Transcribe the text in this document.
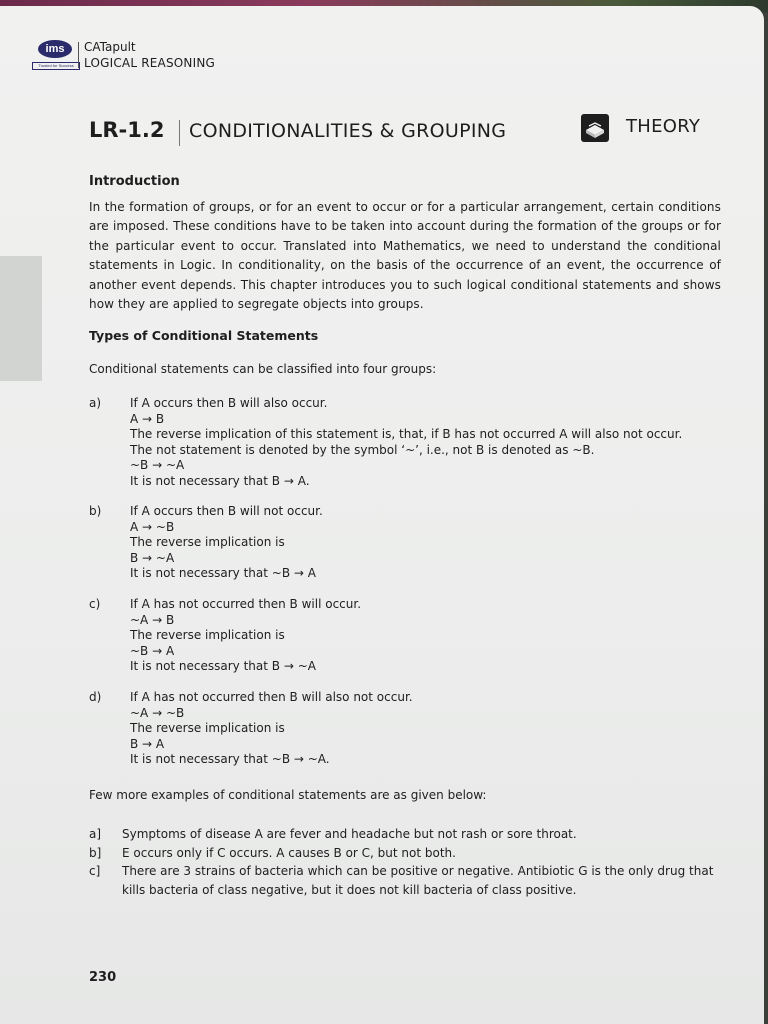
ims
Trusted for Success
CATapult
LOGICAL REASONING
LR-1.2 CONDITIONALITIES & GROUPING	THEORY
Introduction
In the formation of groups, or for an event to occur or for a particular arrangement, certain conditions are imposed. These conditions have to be taken into account during the formation of the groups or for the particular event to occur. Translated into Mathematics, we need to understand the conditional statements in Logic. In conditionality, on the basis of the occurrence of an event, the occurrence of another event depends. This chapter introduces you to such logical conditional statements and shows how they are applied to segregate objects into groups.
Types of Conditional Statements
Conditional statements can be classified into four groups:
a) If A occurs then B will also occur.
A → B
The reverse implication of this statement is, that, if B has not occurred A will also not occur.
The not statement is denoted by the symbol ‘~’, i.e., not B is denoted as ~B.
~B → ~A
It is not necessary that B → A.
b) If A occurs then B will not occur.
A → ~B
The reverse implication is
B → ~A
It is not necessary that ~B → A
c) If A has not occurred then B will occur.
~A → B
The reverse implication is
~B → A
It is not necessary that B → ~A
d) If A has not occurred then B will also not occur.
~A → ~B
The reverse implication is
B → A
It is not necessary that ~B → ~A.
Few more examples of conditional statements are as given below:
a] Symptoms of disease A are fever and headache but not rash or sore throat.
b] E occurs only if C occurs. A causes B or C, but not both.
c] There are 3 strains of bacteria which can be positive or negative. Antibiotic G is the only drug that kills bacteria of class negative, but it does not kill bacteria of class positive.
230
